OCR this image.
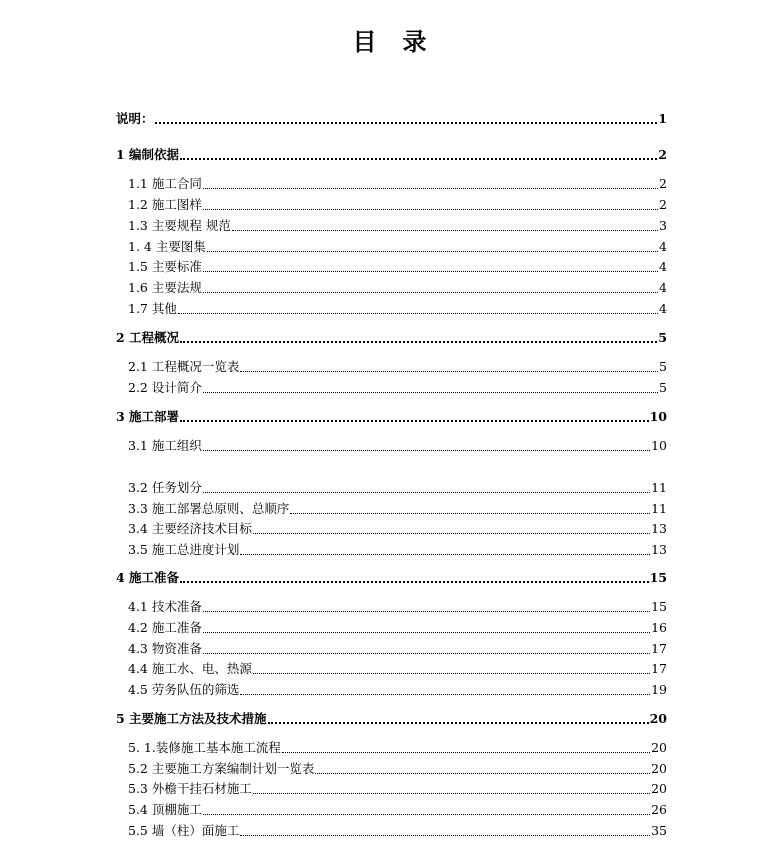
目　录
说明：	1
1 编制依据	2
1.1 施工合同	2
1.2 施工图样	2
1.3 主要规程 规范	3
1. 4 主要图集	4
1.5 主要标准	4
1.6 主要法规	4
1.7 其他	4
2 工程概况	5
2.1 工程概况一览表	5
2.2 设计简介	5
3 施工部署	10
3.1 施工组织	10
3.2 任务划分	11
3.3 施工部署总原则、总顺序	11
3.4 主要经济技术目标	13
3.5 施工总进度计划	13
4 施工准备	15
4.1 技术准备	15
4.2 施工准备	16
4.3 物资准备	17
4.4 施工水、电、热源	17
4.5 劳务队伍的筛选	19
5 主要施工方法及技术措施	20
5. 1.装修施工基本施工流程	20
5.2 主要施工方案编制计划一览表	20
5.3 外檐干挂石材施工	20
5.4 顶棚施工	26
5.5 墙（柱）面施工	35
